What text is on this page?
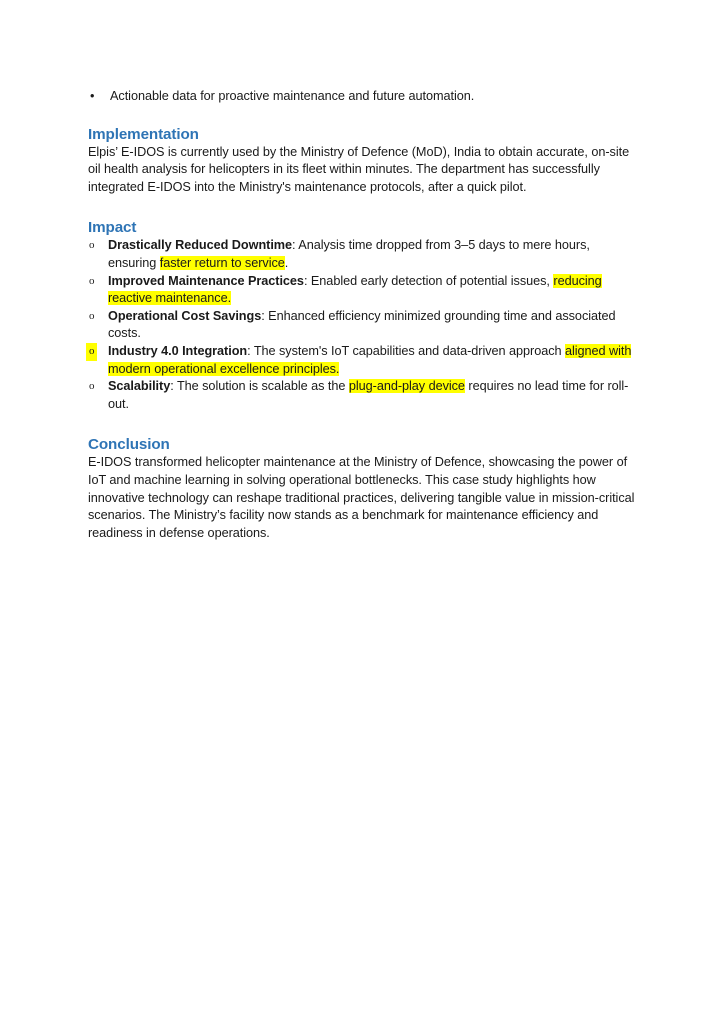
• Actionable data for proactive maintenance and future automation.
Implementation

Elpis’ E-IDOS is currently used by the Ministry of Defence (MoD), India to obtain accurate, on-site oil health analysis for helicopters in its fleet within minutes. The department has successfully integrated E-IDOS into the Ministry's maintenance protocols, after a quick pilot.

Impact
o Drastically Reduced Downtime: Analysis time dropped from 3–5 days to mere hours, ensuring faster return to service.
o Improved Maintenance Practices: Enabled early detection of potential issues, reducing reactive maintenance.
o Operational Cost Savings: Enhanced efficiency minimized grounding time and associated costs.
o Industry 4.0 Integration: The system's IoT capabilities and data-driven approach aligned with modern operational excellence principles.
o Scalability: The solution is scalable as the plug-and-play device requires no lead time for roll-out.
Conclusion

E-IDOS transformed helicopter maintenance at the Ministry of Defence, showcasing the power of IoT and machine learning in solving operational bottlenecks. This case study highlights how innovative technology can reshape traditional practices, delivering tangible value in mission-critical scenarios. The Ministry’s facility now stands as a benchmark for maintenance efficiency and readiness in defense operations.
